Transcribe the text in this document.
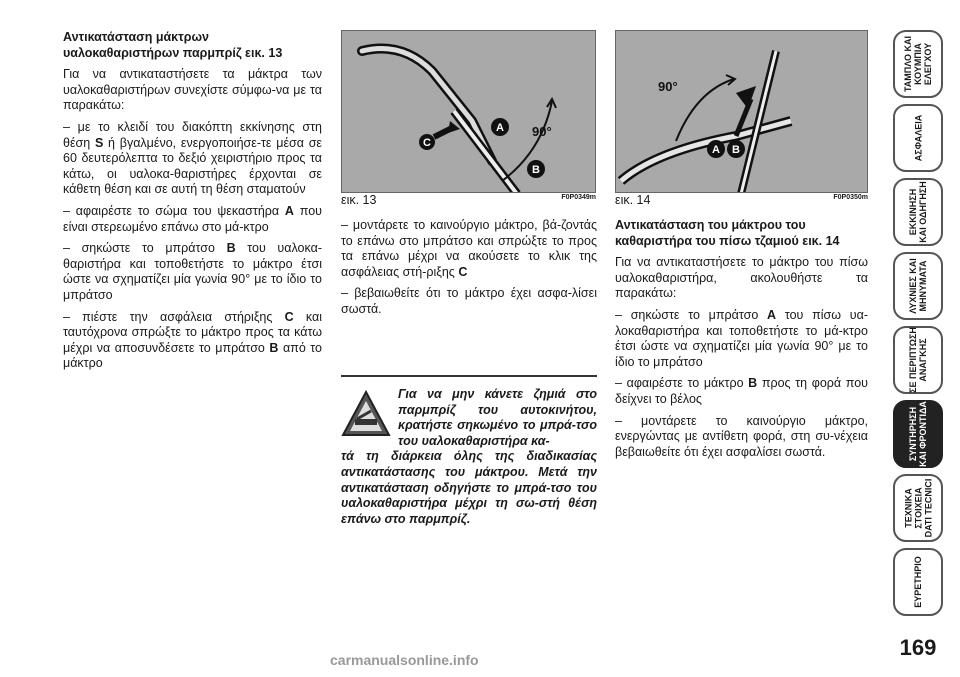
Αντικατάσταση μάκτρων υαλοκαθαριστήρων παρμπρίζ εικ. 13

Για να αντικαταστήσετε τα μάκτρα των υαλοκαθαριστήρων συνεχίστε σύμφω-να με τα παρακάτω:

– με το κλειδί του διακόπτη εκκίνησης στη θέση S ή βγαλμένο, ενεργοποιήσε-τε μέσα σε 60 δευτερόλεπτα το δεξιό χειριστήριο προς τα κάτω, οι υαλοκα-θαριστήρες έρχονται σε κάθετη θέση και σε αυτή τη θέση σταματούν

– αφαιρέστε το σώμα του ψεκαστήρα A που είναι στερεωμένο επάνω στο μά-κτρο

– σηκώστε το μπράτσο B του υαλοκα-θαριστήρα και τοποθετήστε το μάκτρο έτσι ώστε να σχηματίζει μία γωνία 90° με το ίδιο το μπράτσο

– πιέστε την ασφάλεια στήριξης C και ταυτόχρονα σπρώξτε το μάκτρο προς τα κάτω μέχρι να αποσυνδέσετε το μπράτσο B από το μάκτρο

C
A
B
90°
εικ. 13	F0P0349m
A B
90°
εικ. 14	F0P0350m

– μοντάρετε το καινούργιο μάκτρο, βά-ζοντάς το επάνω στο μπράτσο και σπρώξτε το προς τα επάνω μέχρι να ακούσετε το κλικ της ασφάλειας στή-ριξης C

– βεβαιωθείτε ότι το μάκτρο έχει ασφα-λίσει σωστά.

Για να μην κάνετε ζημιά στο παρμπρίζ του αυτοκινήτου, κρατήστε σηκωμένο το μπρά-τσο του υαλοκαθαριστήρα κα-
τά τη διάρκεια όλης της διαδικασίας αντικατάστασης του μάκτρου. Μετά την αντικατάσταση οδηγήστε το μπρά-τσο του υαλοκαθαριστήρα μέχρι τη σω-στή θέση επάνω στο παρμπρίζ.
Αντικατάσταση του μάκτρου του καθαριστήρα του πίσω τζαμιού εικ. 14

Για να αντικαταστήσετε το μάκτρο του πίσω υαλοκαθαριστήρα, ακολουθήστε τα παρακάτω:

– σηκώστε το μπράτσο A του πίσω υα-λοκαθαριστήρα και τοποθετήστε το μά-κτρο έτσι ώστε να σχηματίζει μία γωνία 90° με το ίδιο το μπράτσο

– αφαιρέστε το μάκτρο B προς τη φορά που δείχνει το βέλος

– μοντάρετε το καινούργιο μάκτρο, ενεργώντας με αντίθετη φορά, στη συ-νέχεια βεβαιωθείτε ότι έχει ασφαλίσει σωστά.

ΤΑΜΠΛΟ ΚΑΙ
ΚΟΥΜΠΙΑ
ΕΛΕΓΧΟΥ
ΑΣΦΑΛΕΙΑ
ΕΚΚΙΝΗΣΗ
ΚΑΙ ΟΔΗΓΗΣΗ
ΛΥΧΝΙΕΣ ΚΑΙ
ΜΗΝΥΜΑΤΑ
ΣΕ ΠΕΡΙΠΤΩΣΗ
ΑΝΑΓΚΗΣ
ΣΥΝΤΗΡΗΣΗ
ΚΑΙ ΦΡΟΝΤΙΔΑ
ΤΕΧΝΙΚΑ
ΣΤΟΙΧΕΙΑ
DATI TECNICI
ΕΥΡΕΤΗΡΙΟ
169
carmanualsonline.info
